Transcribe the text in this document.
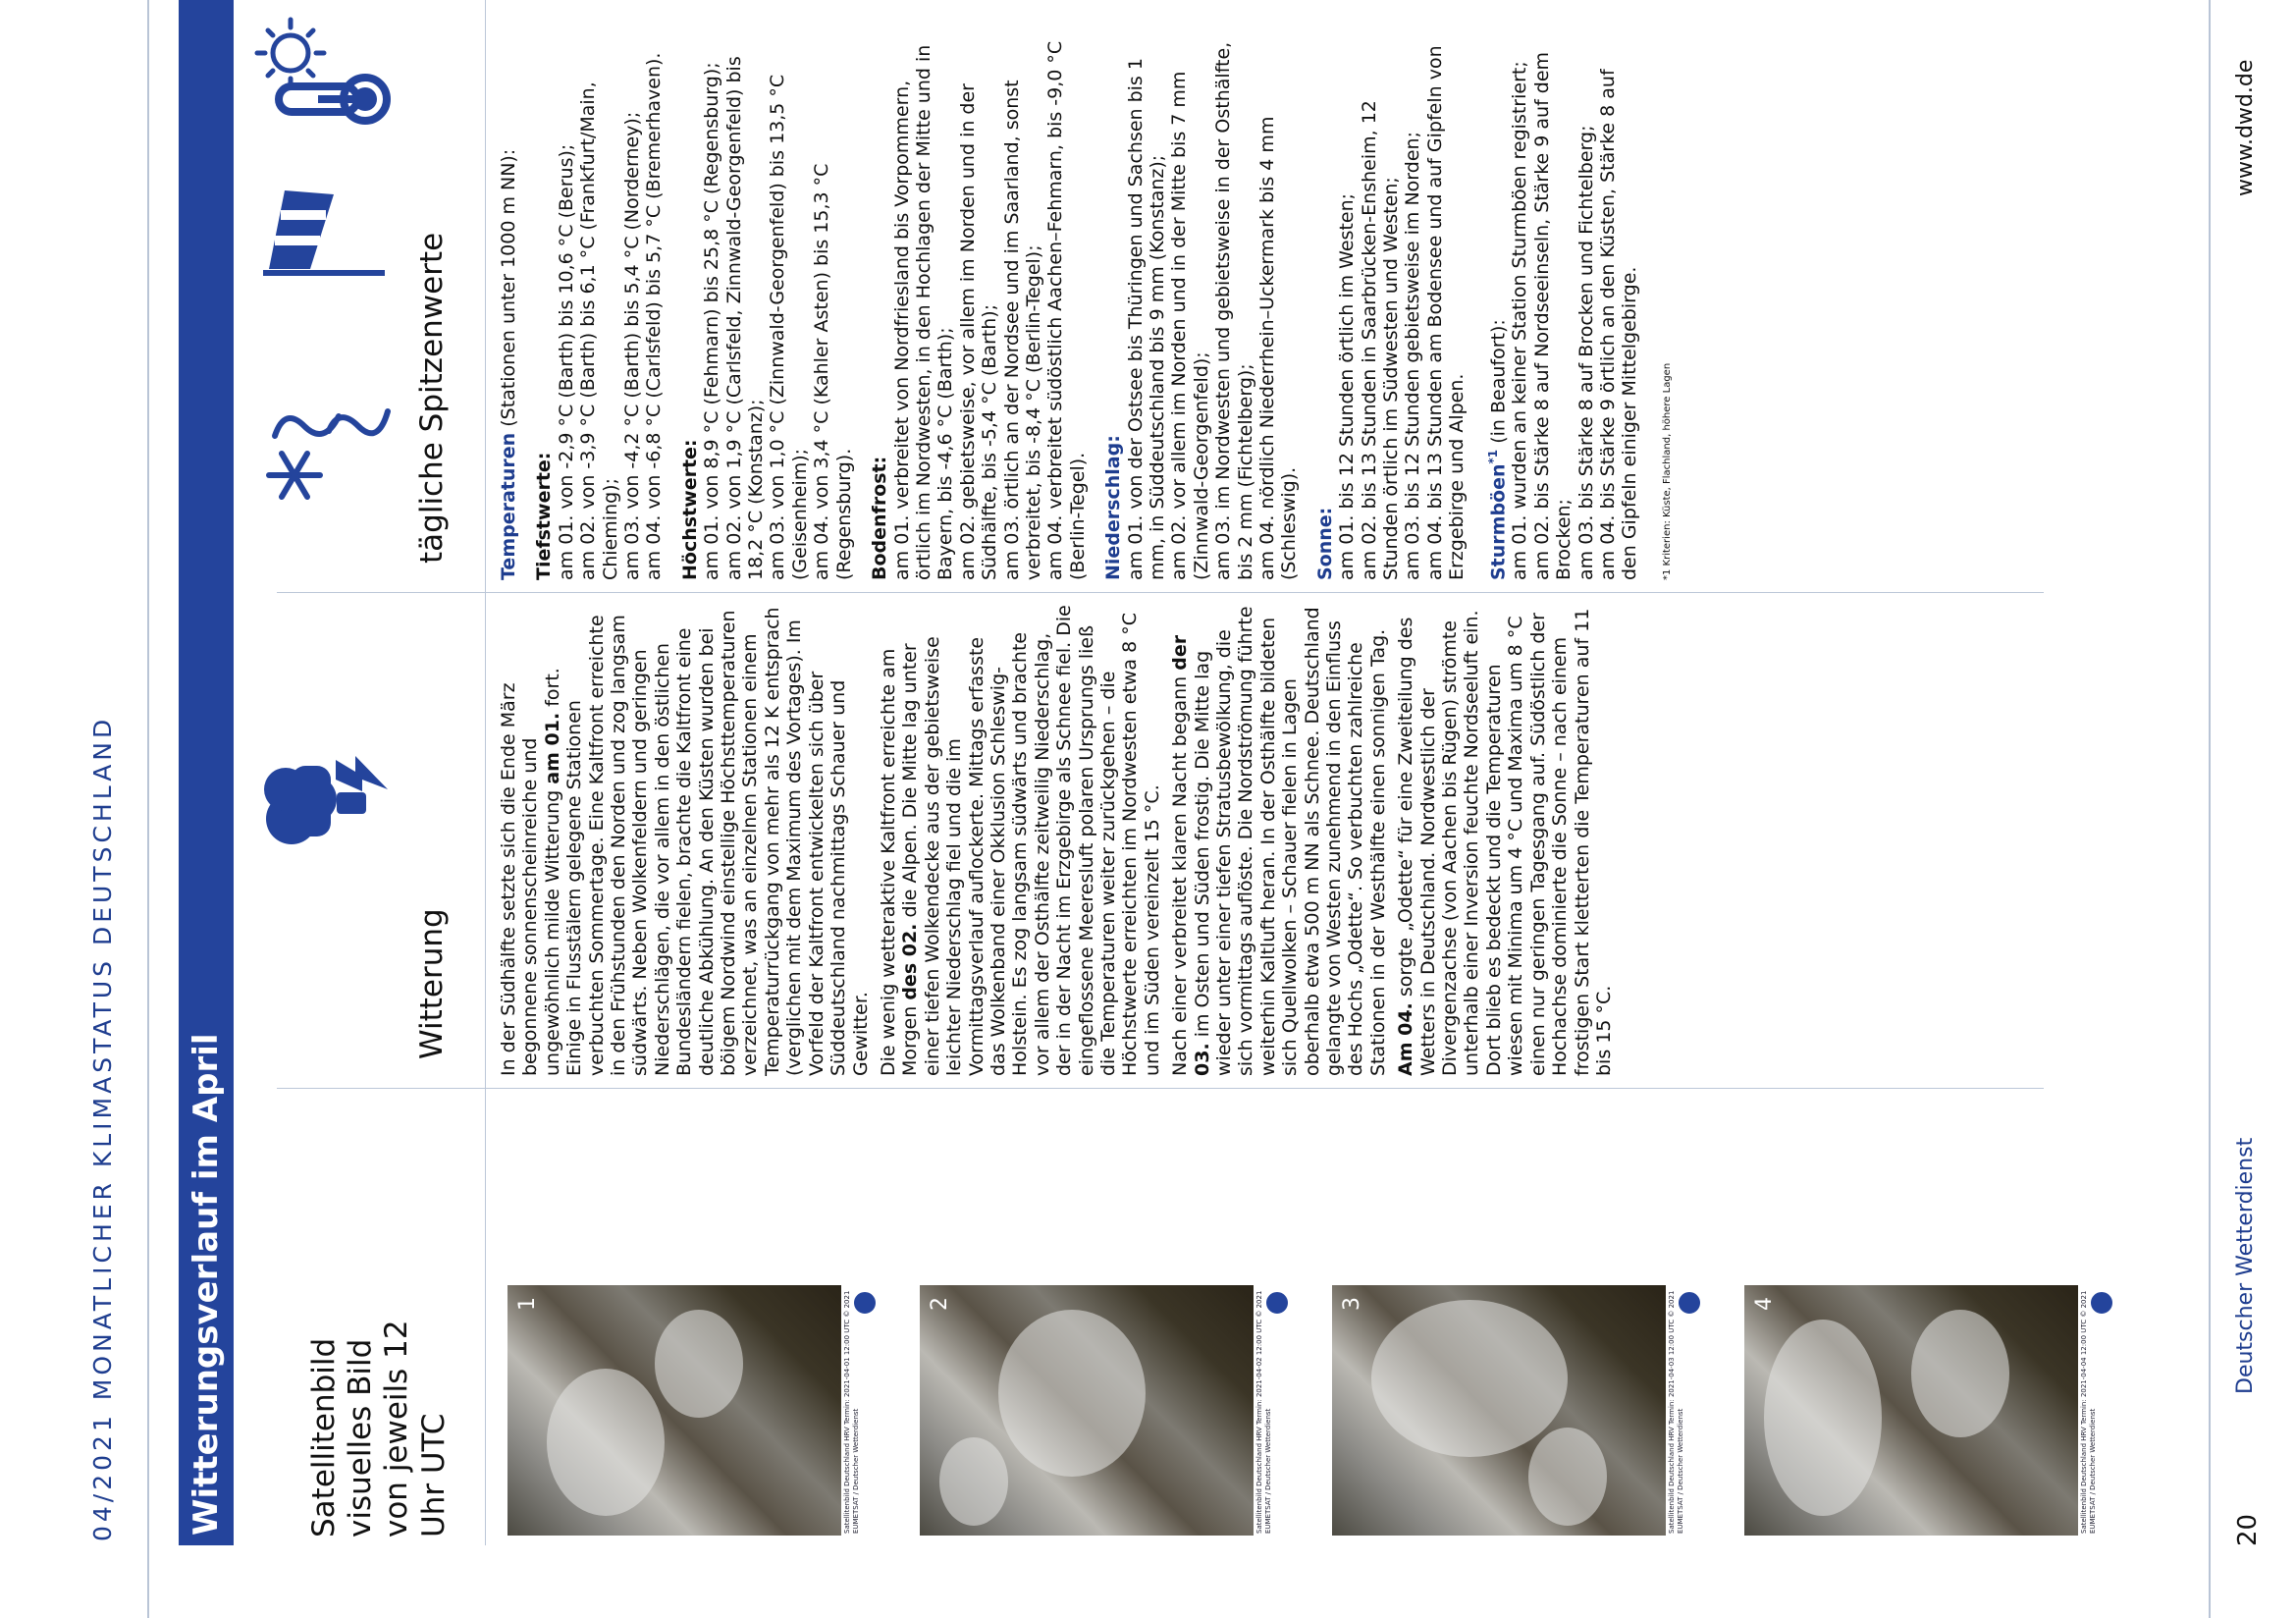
04/2021 MONATLICHER KLIMASTATUS DEUTSCHLAND	20
Deutscher Wetterdienst
www.dwd.de
Witterungsverlauf im April	Satellitenbild visuelles Bild von jeweils 12 Uhr UTC
Witterung
tägliche Spitzenwerte
1	Satellitenbild Deutschland HRV Termin: 2021-04-01 12:00 UTC © 2021 EUMETSAT / Deutscher Wetterdienst
2	Satellitenbild Deutschland HRV Termin: 2021-04-02 12:00 UTC © 2021 EUMETSAT / Deutscher Wetterdienst
3	Satellitenbild Deutschland HRV Termin: 2021-04-03 12:00 UTC © 2021 EUMETSAT / Deutscher Wetterdienst
4	Satellitenbild Deutschland HRV Termin: 2021-04-04 12:00 UTC © 2021 EUMETSAT / Deutscher Wetterdienst

In der Südhälfte setzte sich die Ende März begonnene sonnenscheinreiche und ungewöhnlich milde Witterung am 01. fort. Einige in Flusstälern gelegene Stationen verbuchten Sommertage. Eine Kaltfront erreichte in den Frühstunden den Norden und zog langsam südwärts. Neben Wolkenfeldern und geringen Niederschlägen, die vor allem in den östlichen Bundesländern fielen, brachte die Kaltfront eine deutliche Abkühlung. An den Küsten wurden bei böigem Nordwind einstellige Höchsttemperaturen verzeichnet, was an einzelnen Stationen einem Temperaturrückgang von mehr als 12 K entsprach (verglichen mit dem Maximum des Vortages). Im Vorfeld der Kaltfront entwickelten sich über Süddeutschland nachmittags Schauer und Gewitter. Die wenig wetteraktive Kaltfront erreichte am Morgen des 02. die Alpen. Die Mitte lag unter einer tiefen Wolkendecke aus der gebietsweise leichter Niederschlag fiel und die im Vormittagsverlauf auflockerte. Mittags erfasste das Wolkenband einer Okklusion Schleswig-Holstein. Es zog langsam südwärts und brachte vor allem der Osthälfte zeitweilig Niederschlag, der in der Nacht im Erzgebirge als Schnee fiel. Die eingeflossene Meeresluft polaren Ursprungs ließ die Temperaturen weiter zurückgehen – die Höchstwerte erreichten im Nordwesten etwa 8 °C und im Süden vereinzelt 15 °C. Nach einer verbreitet klaren Nacht begann der 03. im Osten und Süden frostig. Die Mitte lag wieder unter einer tiefen Stratusbewölkung, die sich vormittags auflöste. Die Nordströmung führte weiterhin Kaltluft heran. In der Osthälfte bildeten sich Quellwolken – Schauer fielen in Lagen oberhalb etwa 500 m NN als Schnee. Deutschland gelangte von Westen zunehmend in den Einfluss des Hochs „Odette“. So verbuchten zahlreiche Stationen in der Westhälfte einen sonnigen Tag. Am 04. sorgte „Odette“ für eine Zweiteilung des Wetters in Deutschland. Nordwestlich der Divergenzachse (von Aachen bis Rügen) strömte unterhalb einer Inversion feuchte Nordseeluft ein. Dort blieb es bedeckt und die Temperaturen wiesen mit Minima um 4 °C und Maxima um 8 °C einen nur geringen Tagesgang auf. Südöstlich der Hochachse dominierte die Sonne – nach einem frostigen Start kletterten die Temperaturen auf 11 bis 15 °C.

Temperaturen (Stationen unter 1000 m NN):
Tiefstwerte: am 01. von -2,9 °C (Barth) bis 10,6 °C (Berus); am 02. von -3,9 °C (Barth) bis 6,1 °C (Frankfurt/Main, Chieming); am 03. von -4,2 °C (Barth) bis 5,4 °C (Norderney); am 04. von -6,8 °C (Carlsfeld) bis 5,7 °C (Bremerhaven). Höchstwerte: am 01. von 8,9 °C (Fehmarn) bis 25,8 °C (Regensburg); am 02. von 1,9 °C (Carlsfeld, Zinnwald-Georgenfeld) bis 18,2 °C (Konstanz); am 03. von 1,0 °C (Zinnwald-Georgenfeld) bis 13,5 °C (Geisenheim); am 04. von 3,4 °C (Kahler Asten) bis 15,3 °C (Regensburg). Bodenfrost: am 01. verbreitet von Nordfriesland bis Vorpommern, örtlich im Nordwesten, in den Hochlagen der Mitte und in Bayern, bis -4,6 °C (Barth); am 02. gebietsweise, vor allem im Norden und in der Südhälfte, bis -5,4 °C (Barth); am 03. örtlich an der Nordsee und im Saarland, sonst verbreitet, bis -8,4 °C (Berlin-Tegel); am 04. verbreitet südöstlich Aachen–Fehmarn, bis -9,0 °C (Berlin-Tegel). Niederschlag: am 01. von der Ostsee bis Thüringen und Sachsen bis 1 mm, in Süddeutschland bis 9 mm (Konstanz); am 02. vor allem im Norden und in der Mitte bis 7 mm (Zinnwald-Georgenfeld); am 03. im Nordwesten und gebietsweise in der Osthälfte, bis 2 mm (Fichtelberg); am 04. nördlich Niederrhein–Uckermark bis 4 mm (Schleswig). Sonne: am 01. bis 12 Stunden örtlich im Westen; am 02. bis 13 Stunden in Saarbrücken-Ensheim, 12 Stunden örtlich im Südwesten und Westen; am 03. bis 12 Stunden gebietsweise im Norden; am 04. bis 13 Stunden am Bodensee und auf Gipfeln von Erzgebirge und Alpen. Sturmböen$^{*1}$ (in Beaufort): am 01. wurden an keiner Station Sturmböen registriert; am 02. bis Stärke 8 auf Nordseeinseln, Stärke 9 auf dem Brocken; am 03. bis Stärke 8 auf Brocken und Fichtelberg; am 04. bis Stärke 9 örtlich an den Küsten, Stärke 8 auf den Gipfeln einiger Mittelgebirge.	*1 Kriterien: Küste, Flachland, höhere Lagen
